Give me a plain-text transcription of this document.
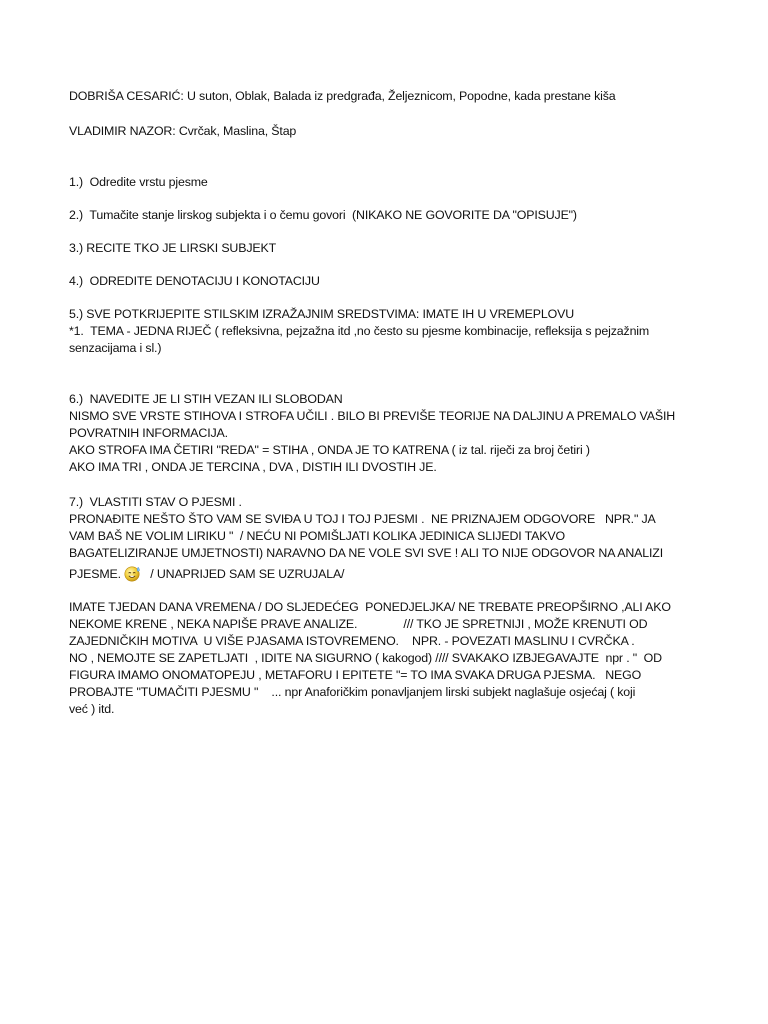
DOBRIŠA CESARIĆ: U suton, Oblak, Balada iz predgrađa, Željeznicom, Popodne, kada prestane kiša
VLADIMIR NAZOR: Cvrčak, Maslina, Štap
1.)  Odredite vrstu pjesme
2.)  Tumačite stanje lirskog subjekta i o čemu govori  (NIKAKO NE GOVORITE DA "OPISUJE")
3.) RECITE TKO JE LIRSKI SUBJEKT
4.)  ODREDITE DENOTACIJU I KONOTACIJU
5.) SVE POTKRIJEPITE STILSKIM IZRAŽAJNIM SREDSTVIMA: IMATE IH U VREMEPLOVU
*1.  TEMA - JEDNA RIJEČ ( refleksivna, pejzažna itd ,no često su pjesme kombinacije, refleksija s pejzažnim
senzacijama i sl.)
6.)  NAVEDITE JE LI STIH VEZAN ILI SLOBODAN
NISMO SVE VRSTE STIHOVA I STROFA UČILI . BILO BI PREVIŠE TEORIJE NA DALJINU A PREMALO VAŠIH
POVRATNIH INFORMACIJA.
AKO STROFA IMA ČETIRI "REDA" = STIHA , ONDA JE TO KATRENA ( iz tal. riječi za broj četiri )
AKO IMA TRI , ONDA JE TERCINA , DVA , DISTIH ILI DVOSTIH JE.
7.)  VLASTITI STAV O PJESMI .
PRONAĐITE NEŠTO ŠTO VAM SE SVIĐA U TOJ I TOJ PJESMI .  NE PRIZNAJEM ODGOVORE   NPR." JA
VAM BAŠ NE VOLIM LIRIKU "  / NEĆU NI POMIŠLJATI KOLIKA JEDINICA SLIJEDI TAKVO
BAGATELIZIRANJE UMJETNOSTI) NARAVNO DA NE VOLE SVI SVE ! ALI TO NIJE ODGOVOR NA ANALIZI
PJESME. / UNAPRIJED SAM SE UZRUJALA/
IMATE TJEDAN DANA VREMENA / DO SLJEDEĆEG  PONEDJELJKA/ NE TREBATE PREOPŠIRNO ,ALI AKO
NEKOME KRENE , NEKA NAPIŠE PRAVE ANALIZE.              /// TKO JE SPRETNIJI , MOŽE KRENUTI OD
ZAJEDNIČKIH MOTIVA  U VIŠE PJASAMA ISTOVREMENO.    NPR. - POVEZATI MASLINU I CVRČKA .
NO , NEMOJTE SE ZAPETLJATI  , IDITE NA SIGURNO ( kakogod) //// SVAKAKO IZBJEGAVAJTE  npr . "  OD
FIGURA IMAMO ONOMATOPEJU , METAFORU I EPITETE "= TO IMA SVAKA DRUGA PJESMA.   NEGO
PROBAJTE "TUMAČITI PJESMU "    ... npr Anaforičkim ponavljanjem lirski subjekt naglašuje osjećaj ( koji
već ) itd.
